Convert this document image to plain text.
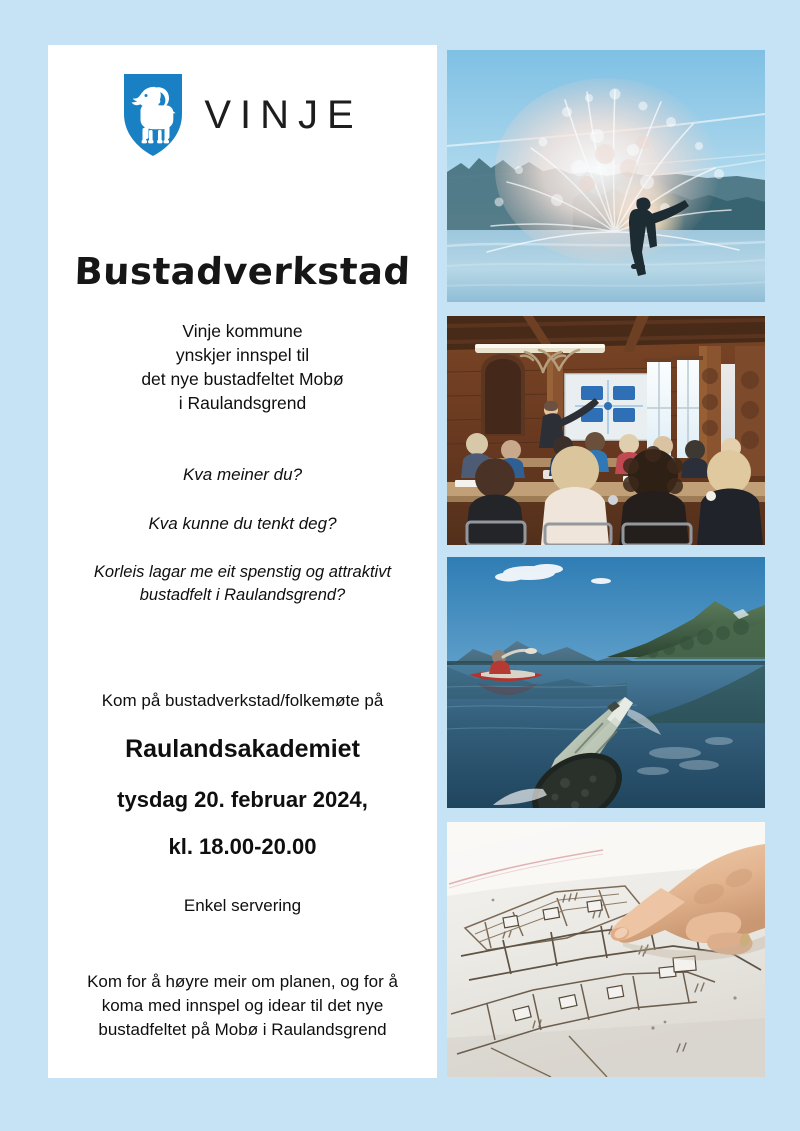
VINJE
Bustadverkstad
Vinje kommune
ynskjer innspel til
det nye bustadfeltet Mobø
i Raulandsgrend
Kva meiner du?
Kva kunne du tenkt deg?
Korleis lagar me eit spenstig og attraktivt
bustadfelt i Raulandsgrend?
Kom på bustadverkstad/folkemøte på
Raulandsakademiet
tysdag 20. februar 2024,
kl. 18.00-20.00
Enkel servering
Kom for å høyre meir om planen, og for å
koma med innspel og idear til det nye
bustadfeltet på Mobø i Raulandsgrend
